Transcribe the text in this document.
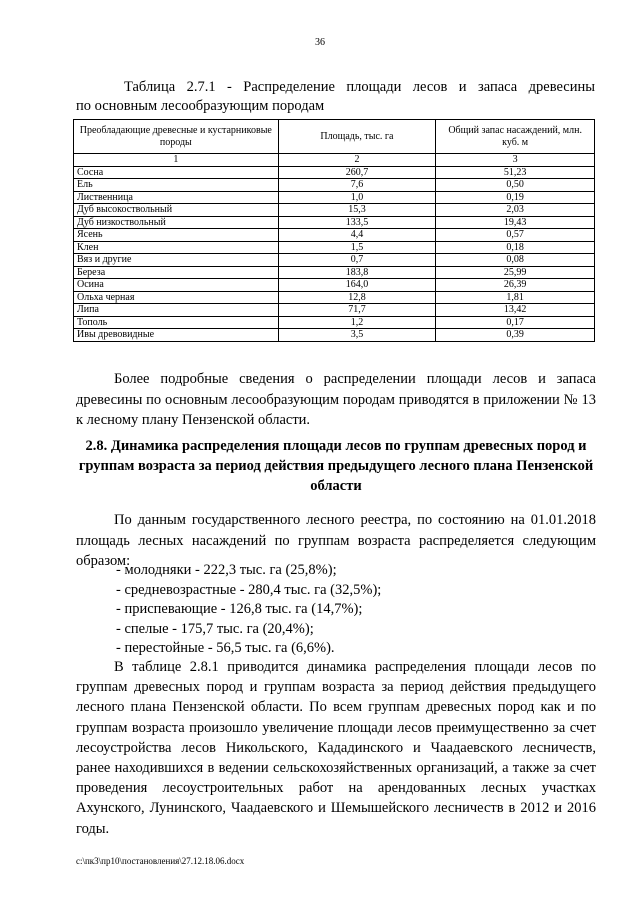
36
Таблица 2.7.1 - Распределение площади лесов и запаса древесины
по основным лесообразующим породам
Преобладающие древесные и кустарниковые породы	Площадь, тыс. га	Общий запас насаждений, млн. куб. м
1	2	3
Сосна	260,7	51,23
Ель	7,6	0,50
Лиственница	1,0	0,19
Дуб высокоствольный	15,3	2,03
Дуб низкоствольный	133,5	19,43
Ясень	4,4	0,57
Клен	1,5	0,18
Вяз и другие	0,7	0,08
Береза	183,8	25,99
Осина	164,0	26,39
Ольха черная	12,8	1,81
Липа	71,7	13,42
Тополь	1,2	0,17
Ивы древовидные	3,5	0,39
Более подробные сведения о распределении площади лесов и запаса древесины по основным лесообразующим породам приводятся в приложении № 13 к лесному плану Пензенской области.
2.8. Динамика распределения площади лесов по группам древесных пород и группам возраста за период действия предыдущего лесного плана Пензенской области
По данным государственного лесного реестра, по состоянию на 01.01.2018 площадь лесных насаждений по группам возраста распределяется следующим образом:
- молодняки - 222,3 тыс. га (25,8%);
- средневозрастные - 280,4 тыс. га (32,5%);
- приспевающие - 126,8 тыс. га (14,7%);
- спелые - 175,7 тыс. га (20,4%);
- перестойные - 56,5 тыс. га (6,6%).
В таблице 2.8.1 приводится динамика распределения площади лесов по группам древесных пород и группам возраста за период действия предыдущего лесного плана Пензенской области. По всем группам древесных пород как и по группам возраста произошло увеличение площади лесов преимущественно за счет лесоустройства лесов Никольского, Кададинского и Чаадаевского лесничеств, ранее находившихся в ведении сельскохозяйственных организаций, а также за счет проведения лесоустроительных работ на арендованных лесных участках Ахунского, Лунинского, Чаадаевского и Шемышейского лесничеств в 2012 и 2016 годы.
c:\пк3\пр10\постановления\27.12.18.06.docx
